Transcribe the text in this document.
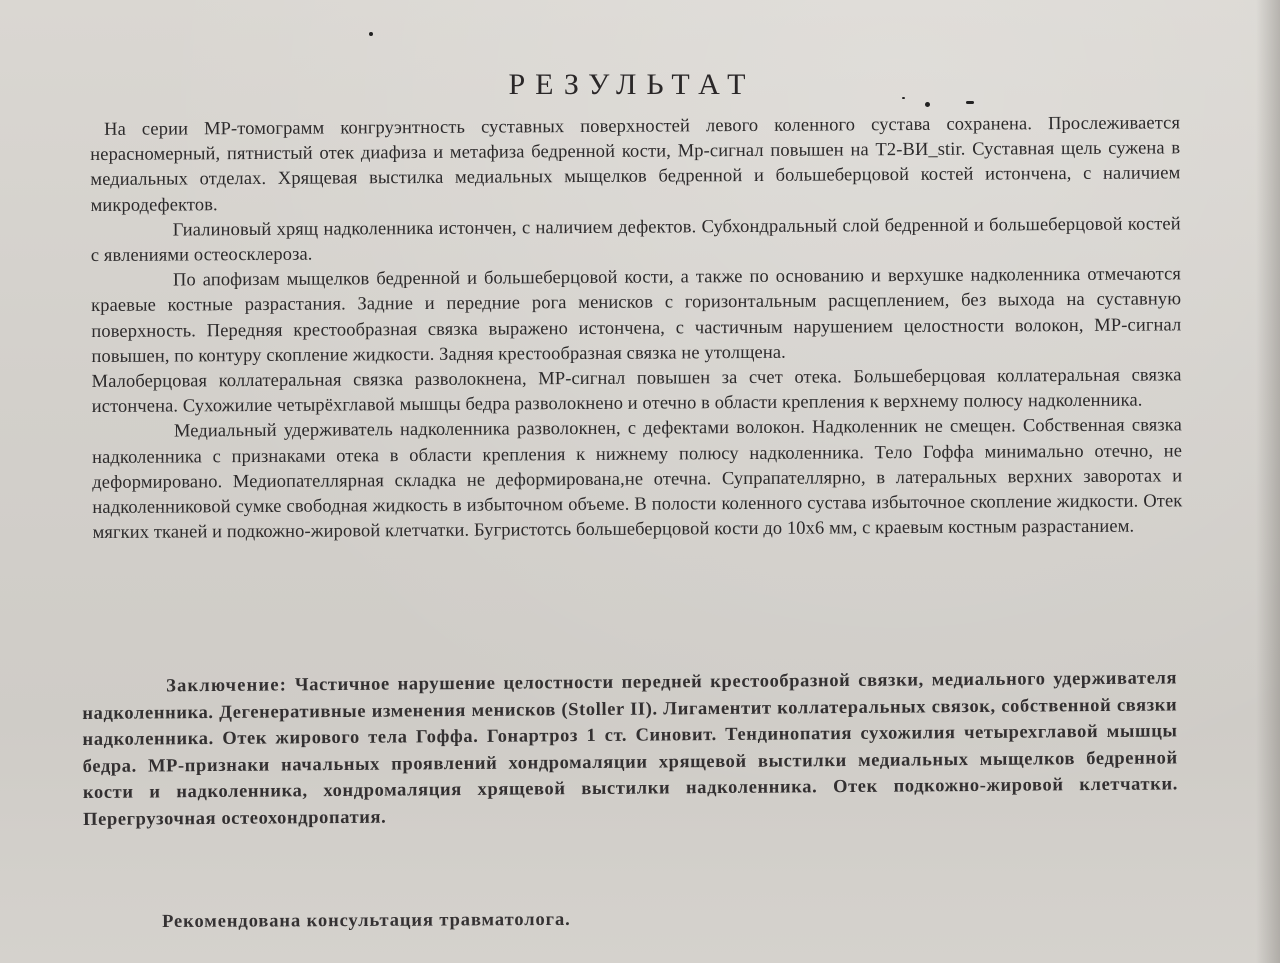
РЕЗУЛЬТАТ

На серии МР-томограмм конгруэнтность суставных поверхностей левого коленного сустава сохранена. Прослеживается нерасномерный, пятнистый отек диафиза и метафиза бедренной кости, Мр-сигнал повышен на Т2-ВИ_stir. Суставная щель сужена в медиальных отделах. Хрящевая выстилка медиальных мыщелков бедренной и большеберцовой костей истончена, с наличием микродефектов.

Гиалиновый хрящ надколенника истончен, с наличием дефектов. Субхондральный слой бедренной и большеберцовой костей с явлениями остеосклероза.

По апофизам мыщелков бедренной и большеберцовой кости, а также по основанию и верхушке надколенника отмечаются краевые костные разрастания. Задние и передние рога менисков с горизонтальным расщеплением, без выхода на суставную поверхность. Передняя крестообразная связка выражено истончена, с частичным нарушением целостности волокон, МР-сигнал повышен, по контуру скопление жидкости. Задняя крестообразная связка не утолщена.

Малоберцовая коллатеральная связка разволокнена, МР-сигнал повышен за счет отека. Большеберцовая коллатеральная связка истончена. Сухожилие четырёхглавой мышцы бедра разволокнено и отечно в области крепления к верхнему полюсу надколенника.

Медиальный удерживатель надколенника разволокнен, с дефектами волокон. Надколенник не смещен. Собственная связка надколенника с признаками отека в области крепления к нижнему полюсу надколенника. Тело Гоффа минимально отечно, не деформировано. Медиопателлярная складка не деформирована,не отечна. Супрапателлярно, в латеральных верхних заворотах и надколенниковой сумке свободная жидкость в избыточном объеме. В полости коленного сустава избыточное скопление жидкости. Отек мягких тканей и подкожно-жировой клетчатки. Бугристотсь большеберцовой кости до 10х6 мм, с краевым костным разрастанием.

Заключение: Частичное нарушение целостности передней крестообразной связки, медиального удерживателя надколенника. Дегенеративные изменения менисков (Stoller II). Лигаментит коллатеральных связок, собственной связки надколенника. Отек жирового тела Гоффа. Гонартроз 1 ст. Синовит. Тендинопатия сухожилия четырехглавой мышцы бедра. МР-признаки начальных проявлений хондромаляции хрящевой выстилки медиальных мыщелков бедренной кости и надколенника, хондромаляция хрящевой выстилки надколенника. Отек подкожно-жировой клетчатки. Перегрузочная остеохондропатия.
Рекомендована консультация травматолога.
